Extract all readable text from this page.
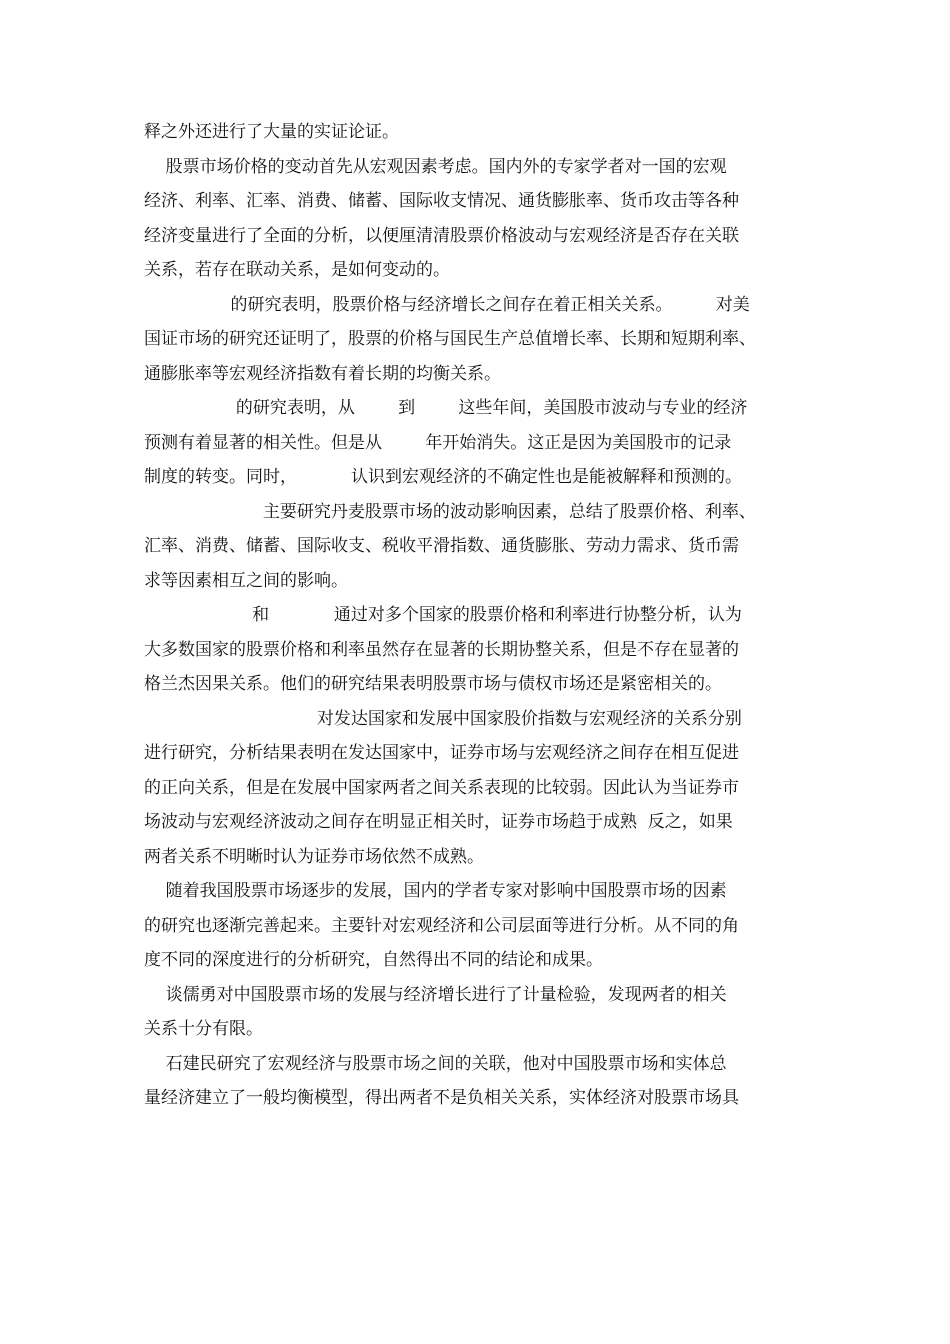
释之外还进行了大量的实证论证。
股票市场价格的变动首先从宏观因素考虑。国内外的专家学者对一国的宏观
经济、利率、汇率、消费、储蓄、国际收支情况、通货膨胀率、货币攻击等各种
经济变量进行了全面的分析，以便厘清清股票价格波动与宏观经济是否存在关联
关系，若存在联动关系，是如何变动的。
的研究表明，股票价格与经济增长之间存在着正相关关系。        对美
国证市场的研究还证明了，股票的价格与国民生产总值增长率、长期和短期利率、
通膨胀率等宏观经济指数有着长期的均衡关系。
的研究表明，从        到        这些年间，美国股市波动与专业的经济
预测有着显著的相关性。但是从        年开始消失。这正是因为美国股市的记录
制度的转变。同时，          认识到宏观经济的不确定性也是能被解释和预测的。
主要研究丹麦股票市场的波动影响因素，总结了股票价格、利率、
汇率、消费、储蓄、国际收支、税收平滑指数、通货膨胀、劳动力需求、货币需
求等因素相互之间的影响。
和            通过对多个国家的股票价格和利率进行协整分析，认为
大多数国家的股票价格和利率虽然存在显著的长期协整关系，但是不存在显著的
格兰杰因果关系。他们的研究结果表明股票市场与债权市场还是紧密相关的。
对发达国家和发展中国家股价指数与宏观经济的关系分别
进行研究，分析结果表明在发达国家中，证券市场与宏观经济之间存在相互促进
的正向关系，但是在发展中国家两者之间关系表现的比较弱。因此认为当证券市
场波动与宏观经济波动之间存在明显正相关时，证券市场趋于成熟  反之，如果
两者关系不明晰时认为证券市场依然不成熟。
随着我国股票市场逐步的发展，国内的学者专家对影响中国股票市场的因素
的研究也逐渐完善起来。主要针对宏观经济和公司层面等进行分析。从不同的角
度不同的深度进行的分析研究，自然得出不同的结论和成果。
谈儒勇对中国股票市场的发展与经济增长进行了计量检验，发现两者的相关
关系十分有限。
石建民研究了宏观经济与股票市场之间的关联，他对中国股票市场和实体总
量经济建立了一般均衡模型，得出两者不是负相关关系，实体经济对股票市场具
